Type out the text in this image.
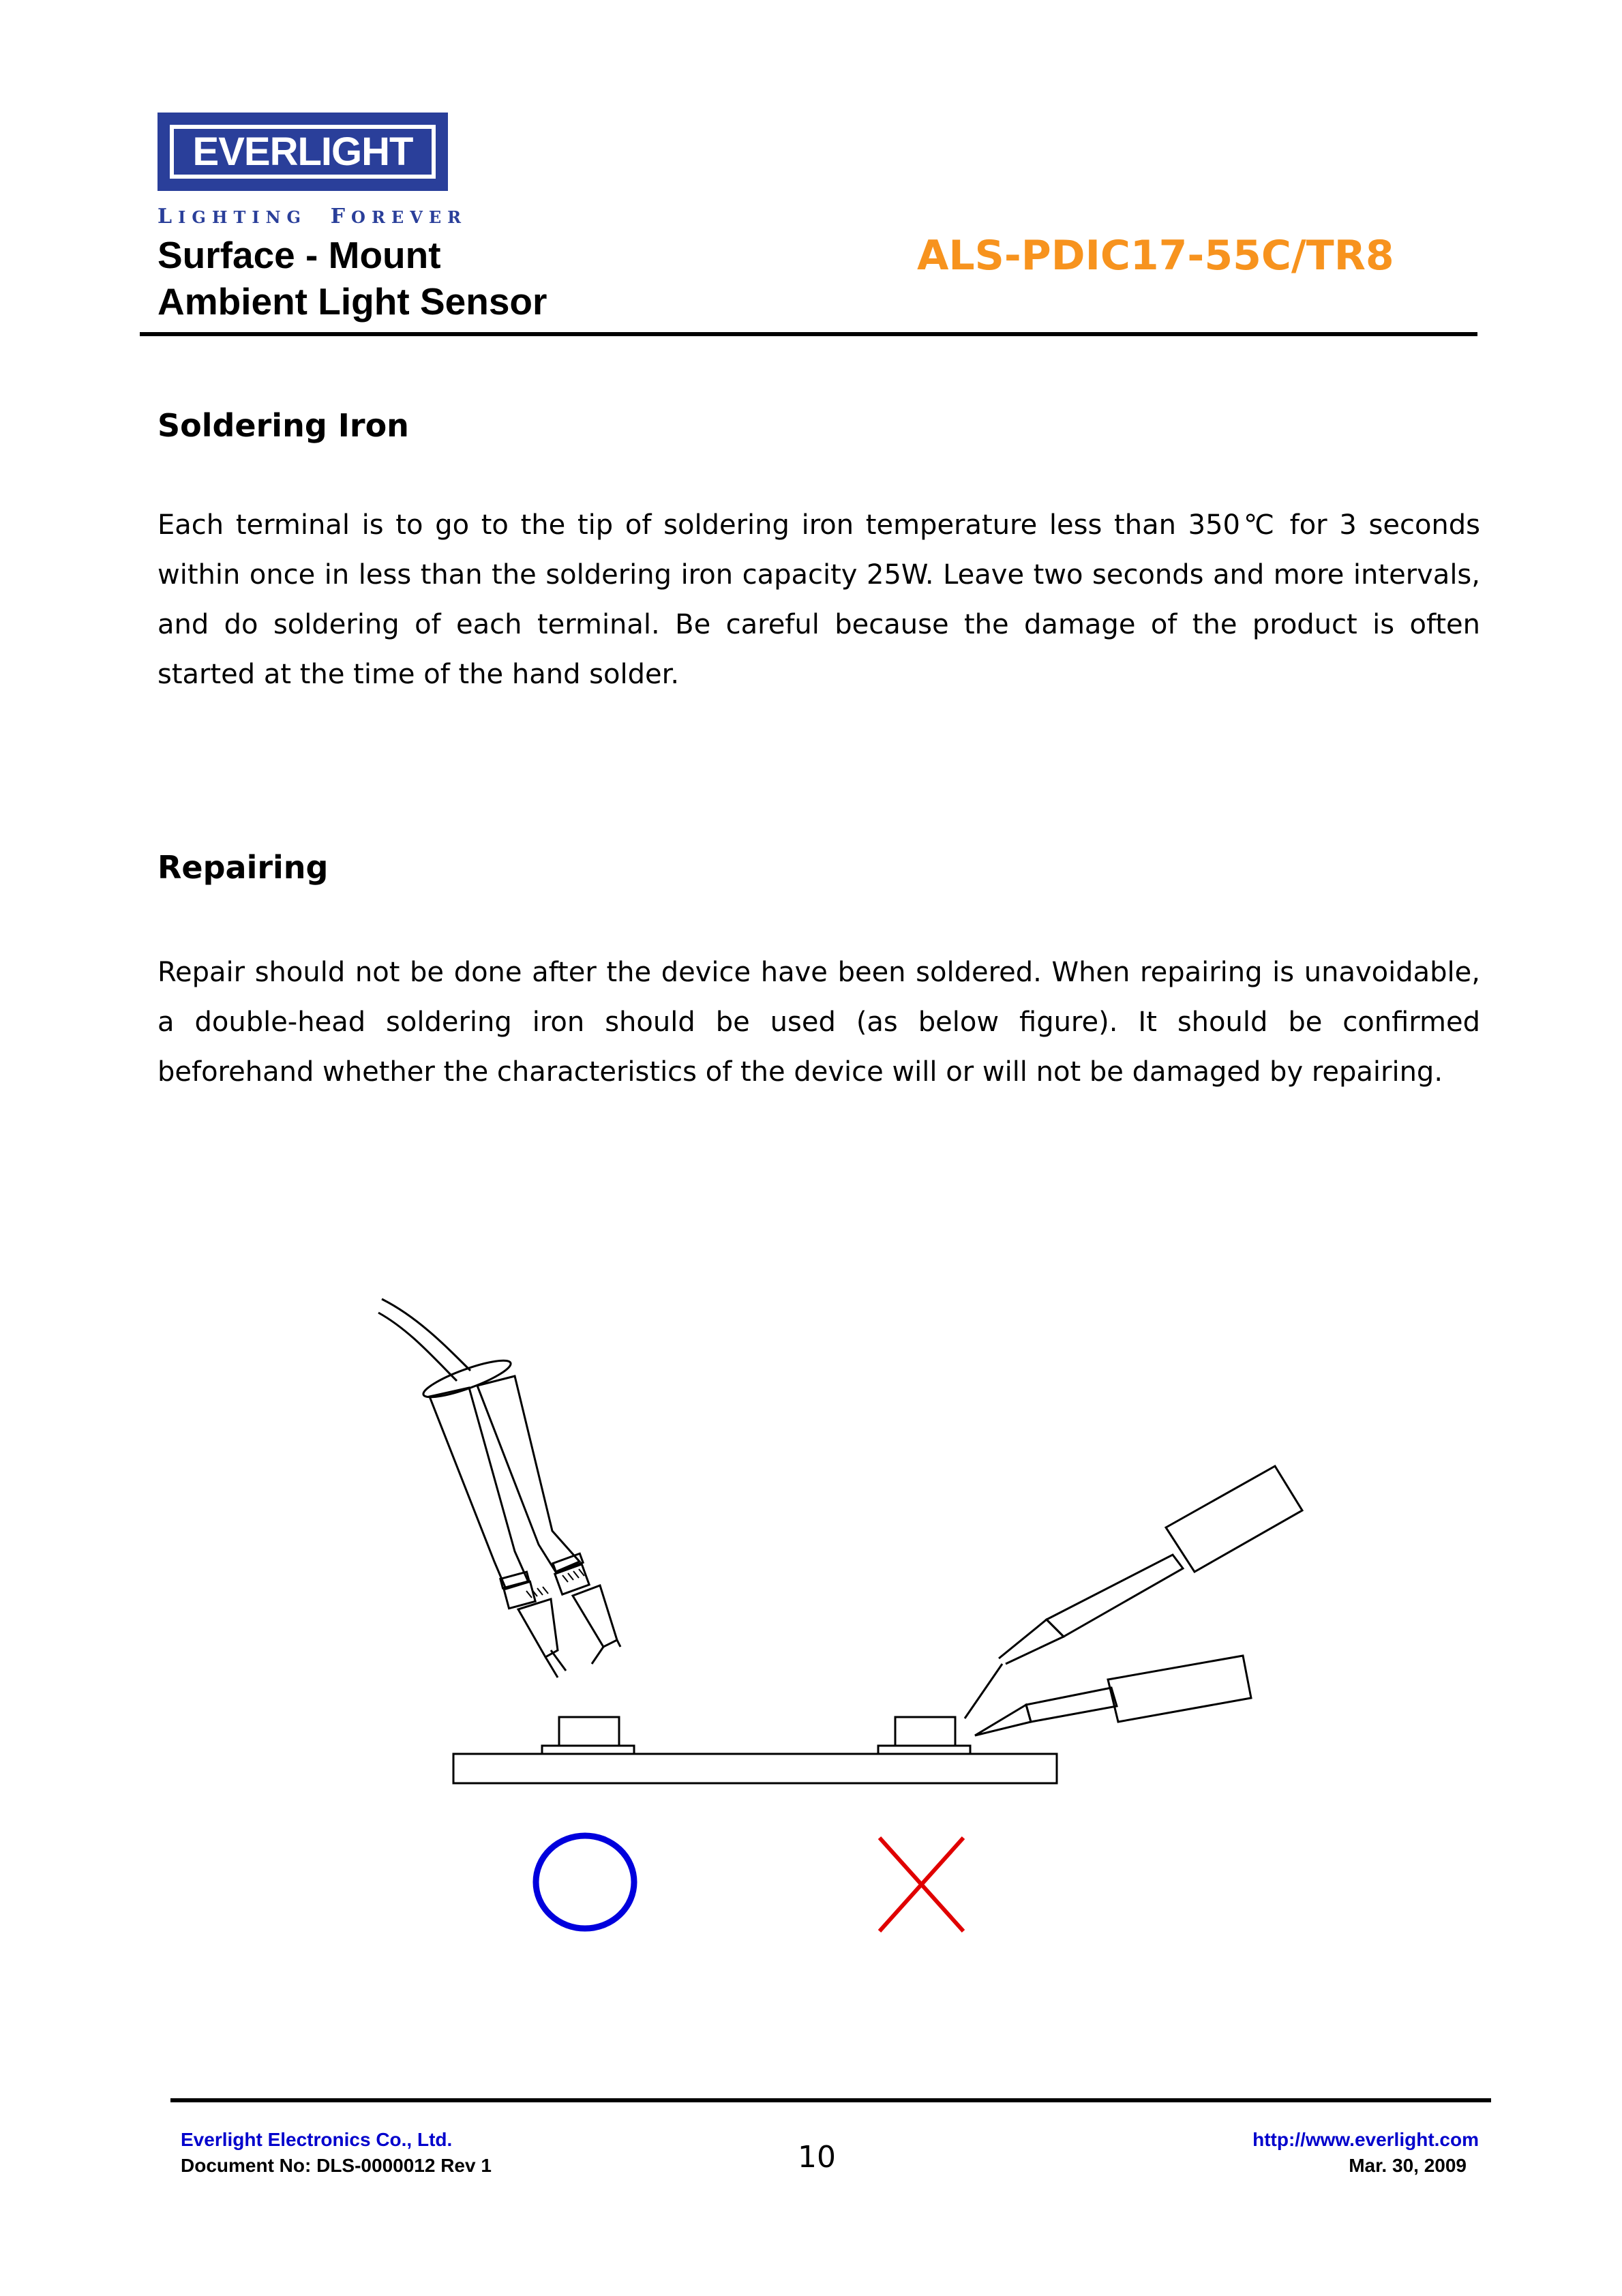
EVERLIGHT
LIGHTING FOREVER
Surface - Mount
Ambient Light Sensor
ALS-PDIC17-55C/TR8
Soldering Iron
Each terminal is to go to the tip of soldering iron temperature less than 350℃ for 3 seconds within once in less than the soldering iron capacity 25W. Leave two seconds and more intervals, and do soldering of each terminal. Be careful because the damage of the product is often started at the time of the hand solder.
Repairing
Repair should not be done after the device have been soldered. When repairing is unavoidable, a double-head soldering iron should be used (as below figure). It should be confirmed beforehand whether the characteristics of the device will or will not be damaged by repairing.
Everlight Electronics Co., Ltd.
Document No: DLS-0000012 Rev 1	10
http://www.everlight.com
Mar. 30, 2009
